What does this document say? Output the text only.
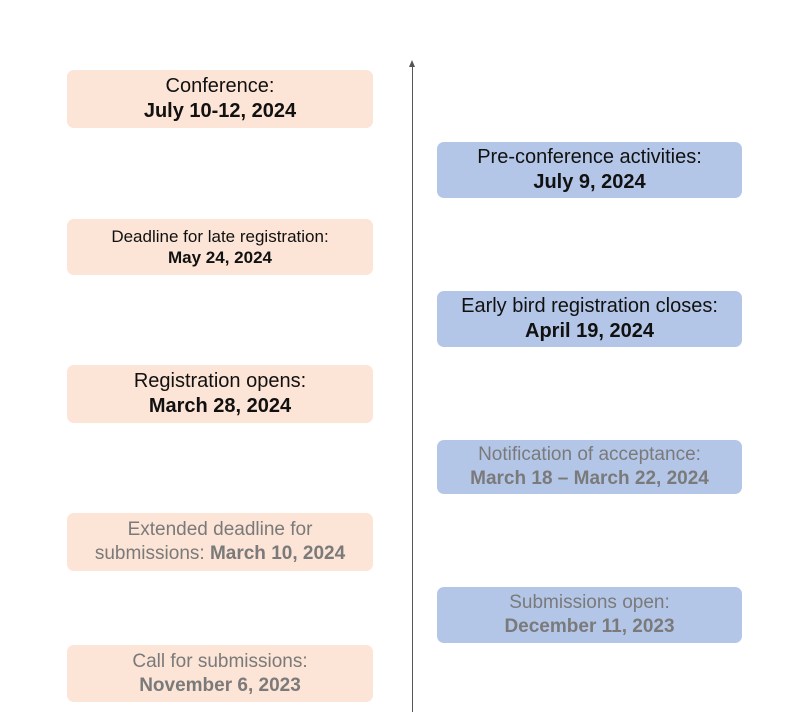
Conference:
July 10-12, 2024
Deadline for late registration:
May 24, 2024
Registration opens:
March 28, 2024
Extended deadline for
submissions: March 10, 2024
Call for submissions:
November 6, 2023
Pre-conference activities:
July 9, 2024
Early bird registration closes:
April 19, 2024
Notification of acceptance:
March 18 – March 22, 2024
Submissions open:
December 11, 2023
